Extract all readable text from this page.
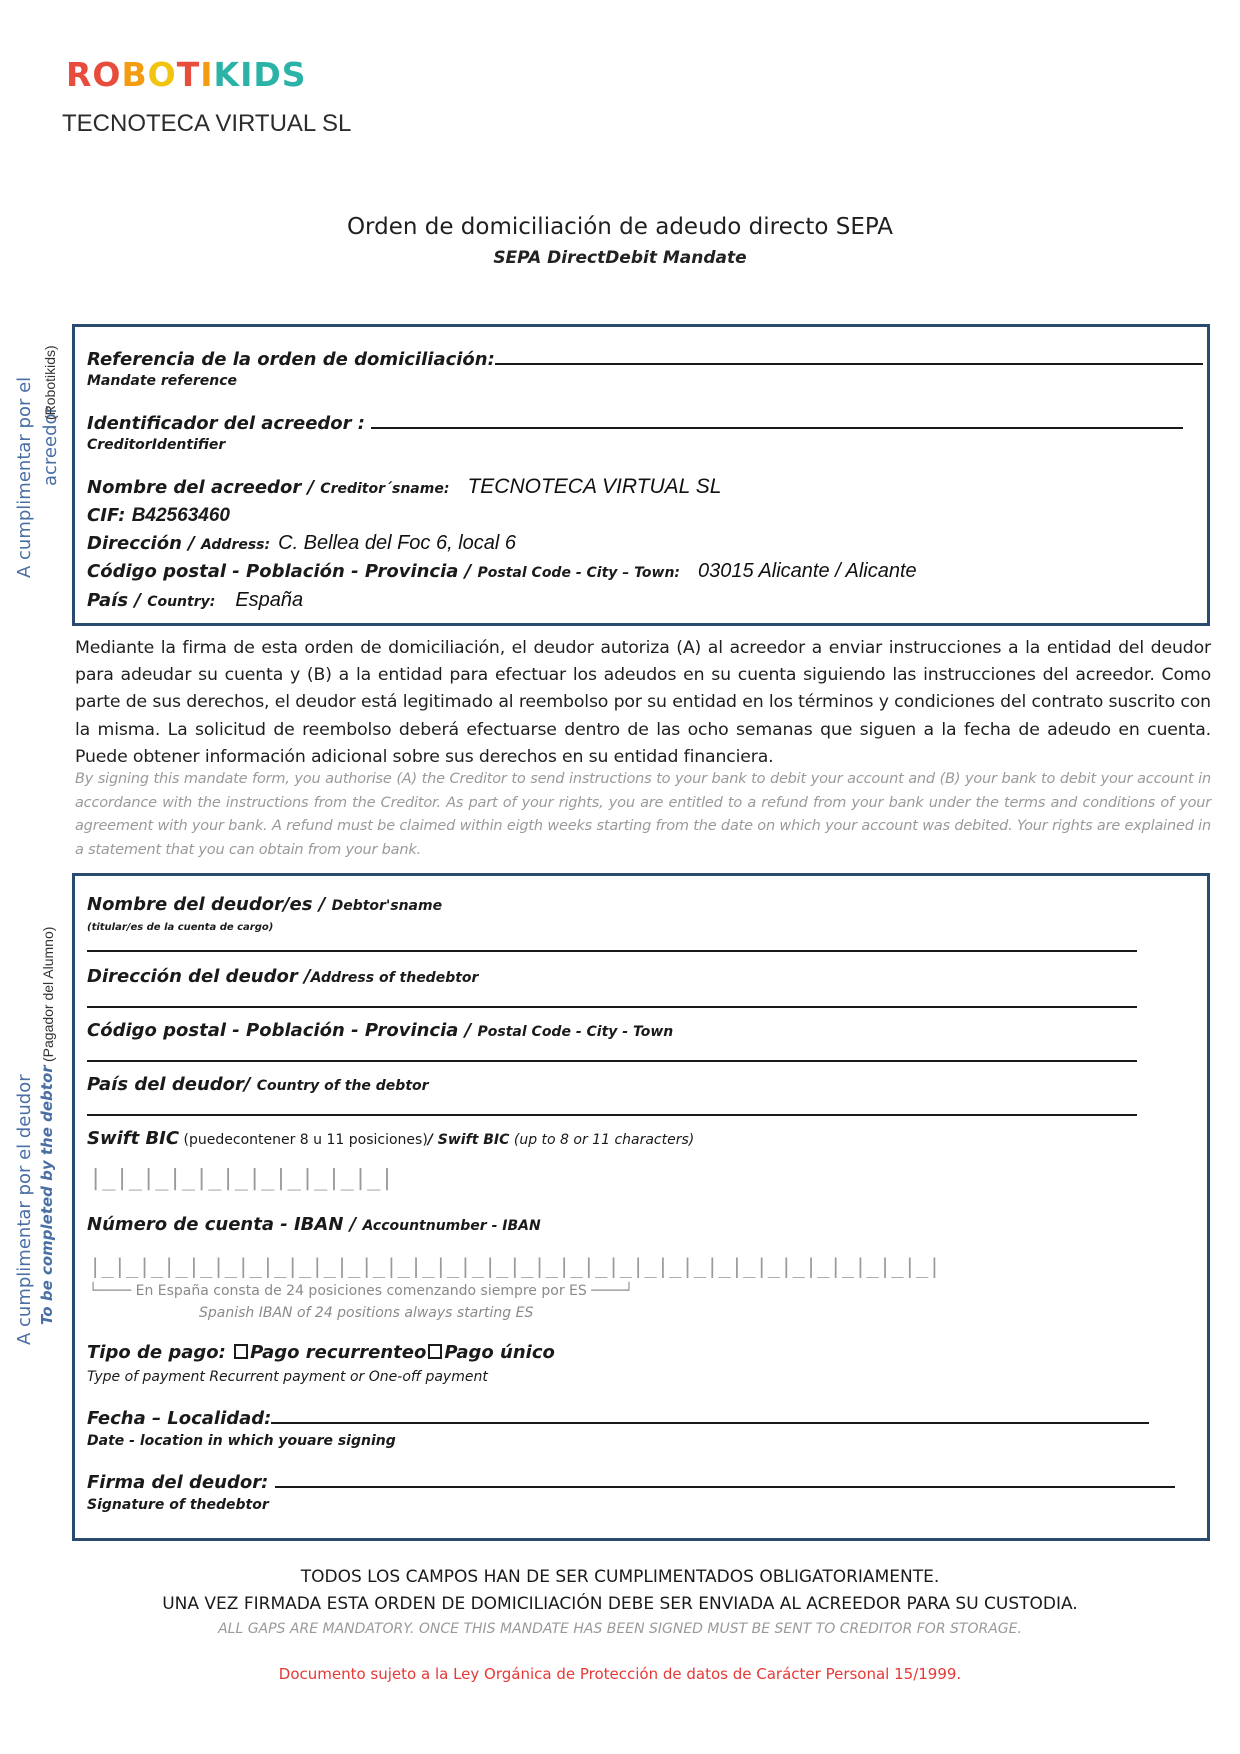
ROBOTIKIDS
TECNOTECA VIRTUAL SL
Orden de domiciliación de adeudo directo SEPA
SEPA DirectDebit Mandate
A cumplimentar por el acreedor
(Robotikids) Referencia de la orden de domiciliación:
Mandate reference
Identificador del acreedor :
CreditorIdentifier
Nombre del acreedor / Creditor´sname: TECNOTECA VIRTUAL SL
CIF: B42563460
Dirección / Address: C. Bellea del Foc 6, local 6
Código postal - Población - Provincia / Postal Code - City – Town: 03015 Alicante / Alicante
País / Country: España
Mediante la firma de esta orden de domiciliación, el deudor autoriza (A) al acreedor a enviar instrucciones a la entidad del deudor para adeudar su cuenta y (B) a la entidad para efectuar los adeudos en su cuenta siguiendo las instrucciones del acreedor. Como parte de sus derechos, el deudor está legitimado al reembolso por su entidad en los términos y condiciones del contrato suscrito con la misma. La solicitud de reembolso deberá efectuarse dentro de las ocho semanas que siguen a la fecha de adeudo en cuenta. Puede obtener información adicional sobre sus derechos en su entidad financiera.
By signing this mandate form, you authorise (A) the Creditor to send instructions to your bank to debit your account and (B) your bank to debit your account in accordance with the instructions from the Creditor. As part of your rights, you are entitled to a refund from your bank under the terms and conditions of your agreement with your bank. A refund must be claimed within eigth weeks starting from the date on which your account was debited. Your rights are explained in a statement that you can obtain from your bank.
A cumplimentar por el deudor To be completed by the debtor
(Pagador del Alumno)
Nombre del deudor/es / Debtor'sname
(titular/es de la cuenta de cargo)
Dirección del deudor /Address of thedebtor
Código postal - Población - Provincia / Postal Code - City - Town
País del deudor/ Country of the debtor
Swift BIC (puedecontener 8 u 11 posiciones)/ Swift BIC (up to 8 or 11 characters)
|_|_|_|_|_|_|_|_|_|_|_|
Número de cuenta - IBAN / Accountnumber - IBAN
|_|_|_|_|_|_|_|_|_|_|_|_|_|_|_|_|_|_|_|_|_|_|_|_|_|_|_|_|_|_|_|_|_|_|
└──── En España consta de 24 posiciones comenzando siempre por ES ────┘
Spanish IBAN of 24 positions always starting ES
Tipo de pago: Pago recurrenteo Pago único
Type of payment Recurrent payment or One-off payment
Fecha – Localidad:
Date - location in which youare signing
Firma del deudor:
Signature of thedebtor
TODOS LOS CAMPOS HAN DE SER CUMPLIMENTADOS OBLIGATORIAMENTE.
UNA VEZ FIRMADA ESTA ORDEN DE DOMICILIACIÓN DEBE SER ENVIADA AL ACREEDOR PARA SU CUSTODIA.
ALL GAPS ARE MANDATORY. ONCE THIS MANDATE HAS BEEN SIGNED MUST BE SENT TO CREDITOR FOR STORAGE.
Documento sujeto a la Ley Orgánica de Protección de datos de Carácter Personal 15/1999.
